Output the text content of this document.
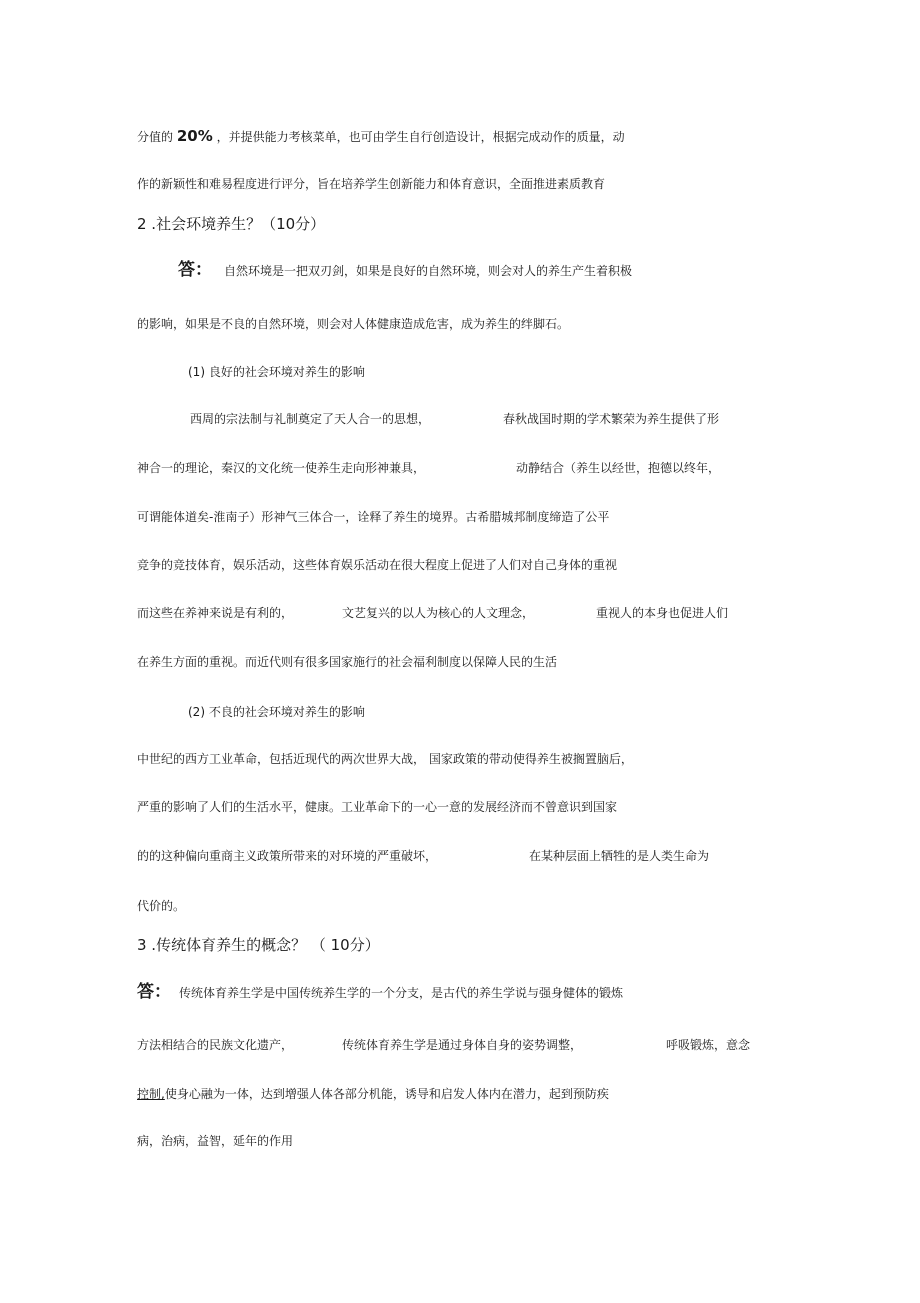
分值的 20% ，并提供能力考核菜单，也可由学生自行创造设计，根据完成动作的质量，动
作的新颖性和难易程度进行评分，旨在培养学生创新能力和体育意识，全面推进素质教育
2 .社会环境养生？（10分）
答： 自然环境是一把双刃剑，如果是良好的自然环境，则会对人的养生产生着积极
的影响，如果是不良的自然环境，则会对人体健康造成危害，成为养生的绊脚石。
(1) 良好的社会环境对养生的影响
西周的宗法制与礼制奠定了天人合一的思想，	春秋战国时期的学术繁荣为养生提供了形
神合一的理论，秦汉的文化统一使养生走向形神兼具，	动静结合（养生以经世，抱德以终年，
可谓能体道矣-淮南子）形神气三体合一，诠释了养生的境界。古希腊城邦制度缔造了公平
竞争的竞技体育，娱乐活动，这些体育娱乐活动在很大程度上促进了人们对自己身体的重视
而这些在养神来说是有利的，	文艺复兴的以人为核心的人文理念，	重视人的本身也促进人们
在养生方面的重视。而近代则有很多国家施行的社会福利制度以保障人民的生活
(2) 不良的社会环境对养生的影响
中世纪的西方工业革命，包括近现代的两次世界大战， 国家政策的带动使得养生被搁置脑后，
严重的影响了人们的生活水平，健康。工业革命下的一心一意的发展经济而不曾意识到国家
的的这种偏向重商主义政策所带来的对环境的严重破坏，	在某种层面上牺牲的是人类生命为
代价的。
3 .传统体育养生的概念？ （ 10分）
答： 传统体育养生学是中国传统养生学的一个分支，是古代的养生学说与强身健体的锻炼
方法相结合的民族文化遗产，	传统体育养生学是通过身体自身的姿势调整，	呼吸锻炼，意念
控制,使身心融为一体，达到增强人体各部分机能，诱导和启发人体内在潜力，起到预防疾
病，治病，益智，延年的作用
